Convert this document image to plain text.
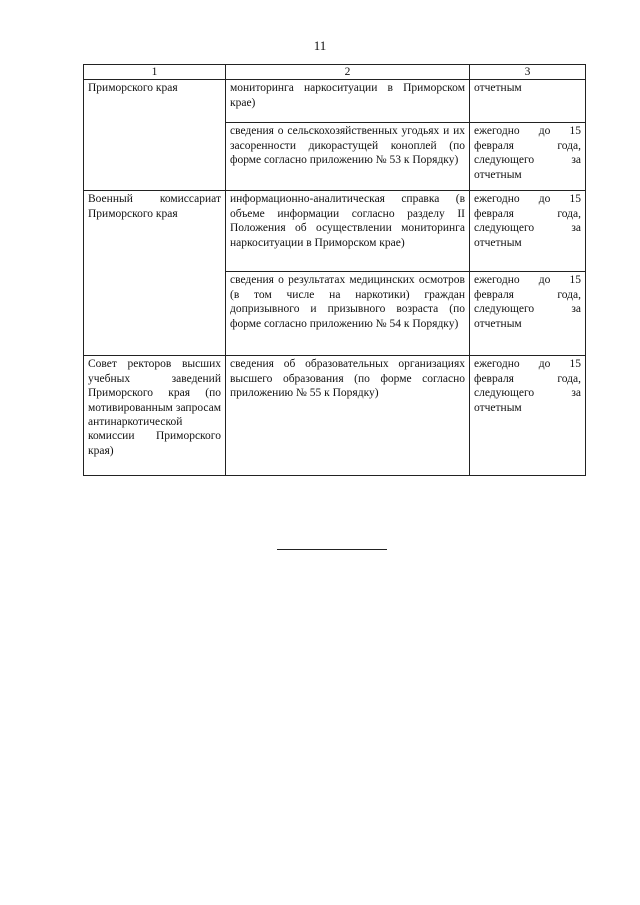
11
1	2	3
Приморского края	мониторинга наркоситуации в Приморском крае)	отчетным
	сведения о сельскохозяйственных угодьях и их засоренности дикорастущей коноплей (по форме согласно приложению № 53 к Порядку)	ежегодно до 15 февраля года, следующего за отчетным
Военный комиссариат Приморского края	информационно-аналитическая справка (в объеме информации согласно разделу II Положения об осуществлении мониторинга наркоситуации в Приморском крае)	ежегодно до 15 февраля года, следующего за отчетным
	сведения о результатах медицинских осмотров (в том числе на наркотики) граждан допризывного и призывного возраста (по форме согласно приложению № 54 к Порядку)	ежегодно до 15 февраля года, следующего за отчетным
Совет ректоров высших учебных заведений Приморского края (по мотивированным запросам антинаркотической комиссии Приморского края)	сведения об образовательных организациях высшего образования (по форме согласно приложению № 55 к Порядку)	ежегодно до 15 февраля года, следующего за отчетным
